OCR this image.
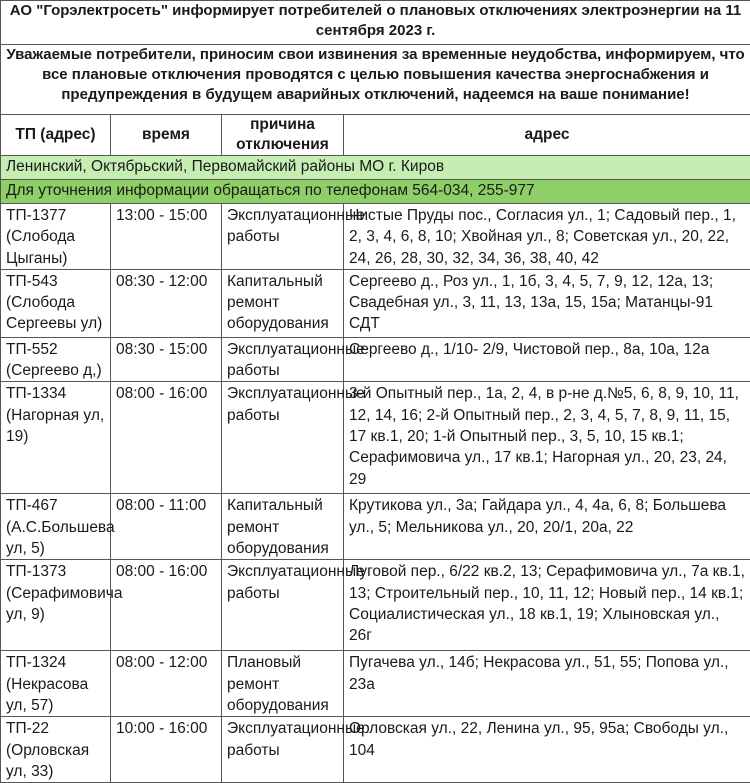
АО "Горэлектросеть" информирует потребителей о плановых отключениях электроэнергии на 11 сентября 2023 г.			
Уважаемые потребители, приносим свои извинения за временные неудобства, информируем, что все плановые отключения проводятся с целью повышения качества энергоснабжения и предупреждения в будущем аварийных отключений, надеемся на ваше понимание!			
ТП (адрес)	время	причина отключения	адрес
Ленинский, Октябрьский, Первомайский районы МО г. Киров			
Для уточнения информации обращаться по телефонам 564-034, 255-977			
ТП-1377 (Слобода Цыганы)	13:00 - 15:00	Эксплуатационные работы	Чистые Пруды пос., Согласия ул., 1; Садовый пер., 1, 2, 3, 4, 6, 8, 10; Хвойная ул., 8; Советская ул., 20, 22, 24, 26, 28, 30, 32, 34, 36, 38, 40, 42
ТП-543 (Слобода Сергеевы ул)	08:30 - 12:00	Капитальный ремонт оборудования	Сергеево д., Роз ул., 1, 1б, 3, 4, 5, 7, 9, 12, 12а, 13; Свадебная ул., 3, 11, 13, 13а, 15, 15а; Матанцы-91 СДТ
ТП-552 (Сергеево д,)	08:30 - 15:00	Эксплуатационные работы	Сергеево д., 1/10- 2/9, Чистовой пер., 8а, 10а, 12а
ТП-1334 (Нагорная ул, 19)	08:00 - 16:00	Эксплуатационные работы	3-й Опытный пер., 1а, 2, 4, в р-не д.№5, 6, 8, 9, 10, 11, 12, 14, 16; 2-й Опытный пер., 2, 3, 4, 5, 7, 8, 9, 11, 15, 17 кв.1, 20; 1-й Опытный пер., 3, 5, 10, 15 кв.1; Серафимовича ул., 17 кв.1; Нагорная ул., 20, 23, 24, 29
ТП-467 (А.С.Большева ул, 5)	08:00 - 11:00	Капитальный ремонт оборудования	Крутикова ул., 3а; Гайдара ул., 4, 4а, 6, 8; Большева ул., 5; Мельникова ул., 20, 20/1, 20а, 22
ТП-1373 (Серафимовича ул, 9)	08:00 - 16:00	Эксплуатационные работы	Луговой пер., 6/22 кв.2, 13; Серафимовича ул., 7а кв.1, 13; Строительный пер., 10, 11, 12; Новый пер., 14 кв.1; Социалистическая ул., 18 кв.1, 19; Хлыновская ул., 26г
ТП-1324 (Некрасова ул, 57)	08:00 - 12:00	Плановый ремонт оборудования	Пугачева ул., 14б; Некрасова ул., 51, 55; Попова ул., 23а
ТП-22 (Орловская ул, 33)	10:00 - 16:00	Эксплуатационные работы	Орловская ул., 22, Ленина ул., 95, 95а; Свободы ул., 104
